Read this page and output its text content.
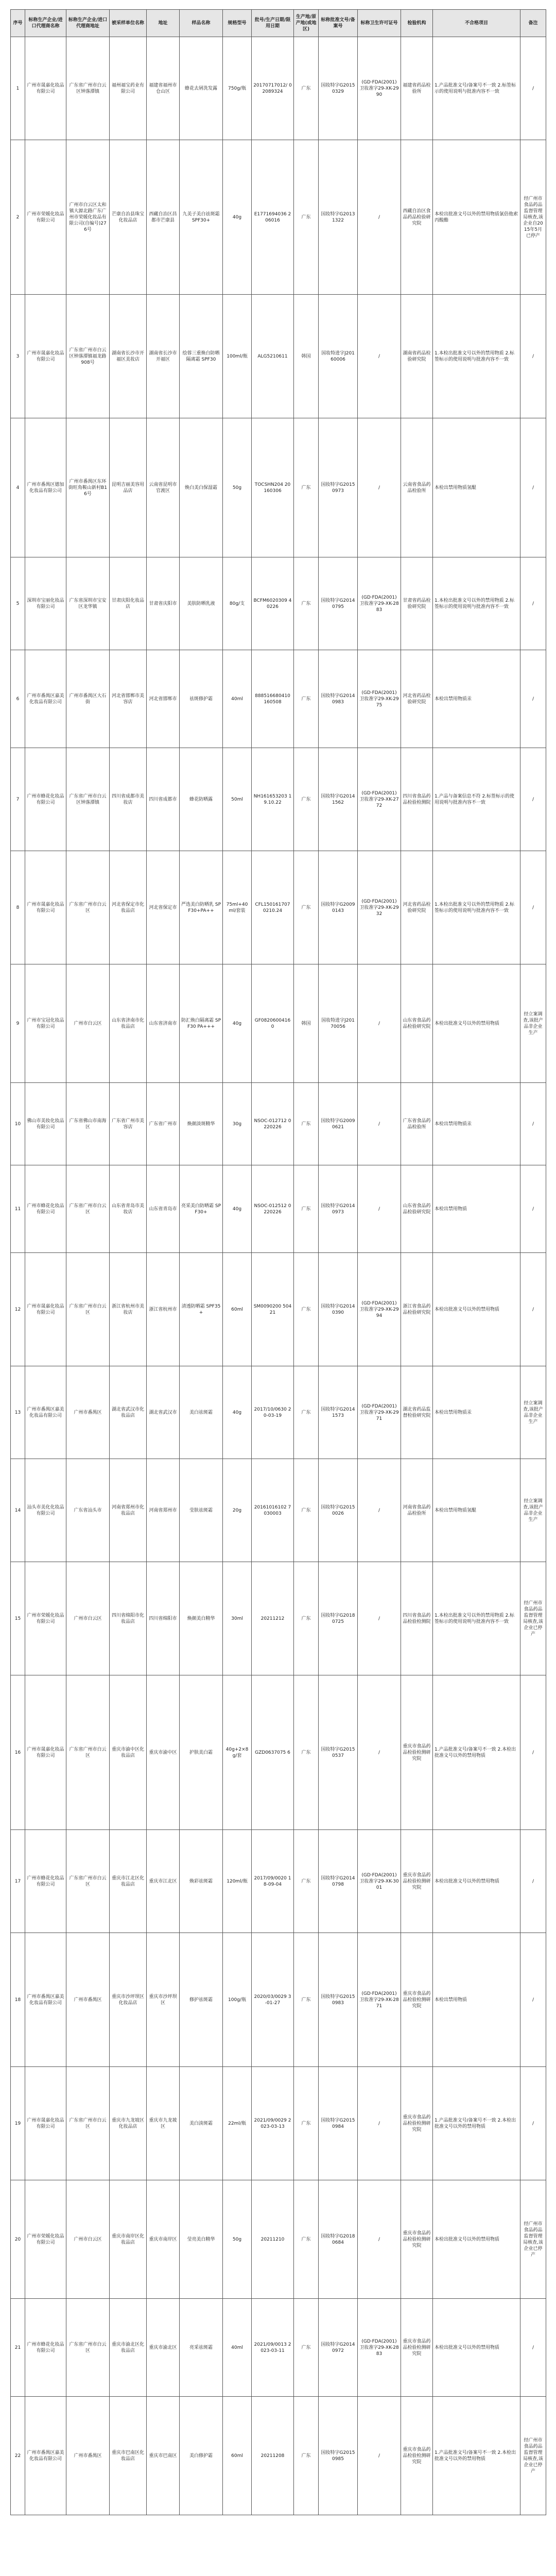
序号	标称生产企业/进口代理商名称	标称生产企业/进口代理商地址	被采样单位名称	地址	样品名称	规格型号	批号/生产日期/限用日期	生产地/原产地(或地区)	标称批准文号/备案号	标称卫生许可证号	检验机构	不合格项目	备注
1	广州市晟嘉化妆品有限公司	广东省广州市白云区钟落潭镇	福州福宝药业有限公司	福建省福州市仓山区	蜂花去屑洗发露	750g/瓶	20170717012/ 02089324	广东	国妆特字G20150329	(GD·FDA(2001)卫妆准字29-XK-2990	福建省药品检验所	1.产品批准文号/备案号不一致 2.标签标示的使用说明与批准内容不一致	/
2	广州市荣媛化妆品有限公司	广州市白云区太和镇大源北路广东广州市荣媛化妆品有限公司(自编号)276号	芒康自治县珠宝化妆品店	西藏自治区昌都市芒康县	九美子美白祛斑霜 SPF30+	40g	E1771694036 206016	广东	国妆特字G20131322	/	西藏自治区食品药品检验研究院	本检出批准文号以外的禁用物质氯倍他索丙酸酯	经广州市食品药品监督管理局核查,该企业自2015年5月已停产
3	广州市晟嘉化妆品有限公司	广东省广州市白云区钟落潭镇福龙路908号	湖南省长沙市开福区美妆店	湖南省长沙市开福区	绘蓉三重焕白防晒隔离霜 SPF30	100ml/瓶	ALG5210611	韩国	国妆特进字J20160006	/	湖南省药品检验研究院	1.本检出批准文号以外的禁用物质 2.标签标示的使用说明与批准内容不一致	/
4	广州市番禺区德加化妆品有限公司	广州市番禺区东环街旺角鞍山新村B16号	昆明吉丽美容用品店	云南省昆明市官渡区	焕白美白保湿霜	50g	TOCSHN204 20160306	广东	国妆特字G20150973	/	云南省食品药品检验所	本检出禁用物质氢醌	/
5	深圳市宝丽化妆品有限公司	广东省深圳市宝安区龙华镇	甘肃庆阳化妆品店	甘肃省庆阳市	美肤防晒乳液	80g/支	BCFM6020309 40226	广东	国妆特字G20140795	(GD·FDA(2001)卫妆准字29-XK-2883	甘肃省药品检验研究院	1.本检出批准文号以外的禁用物质 2.标签标示的使用说明与批准内容不一致	/
6	广州市番禺区嘉美化妆品有限公司	广州市番禺区大石街	河北省邯郸市美容店	河北省邯郸市	祛斑修护霜	40ml	888516680410 160508	广东	国妆特字G20140983	(GD·FDA(2001)卫妆准字29-XK-2975	河北省药品检验研究院	本检出禁用物质汞	/
7	广州市蜂花化妆品有限公司	广东省广州市白云区钟落潭镇	四川省成都市美妆店	四川省成都市	蜂花防晒露	50ml	NH161653203 19.10.22	广东	国妆特字G20141562	(GD·FDA(2001)卫妆准字29-XK-2772	四川省食品药品检验检测院	1.产品与备案信息不符 2.标签标示的使用说明与批准内容不一致	/
8	广州市晟嘉化妆品有限公司	广东省广州市白云区	河北省保定市化妆品店	河北省保定市	严选美白防晒乳 SPF30+PA++	75ml+40ml/套装	CFL150161707 0210.24	广东	国妆特字G20090143	(GD·FDA(2001)卫妆准字29-XK-2932	河北省药品检验研究院	1.本检出批准文号以外的禁用物质 2.标签标示的使用说明与批准内容不一致	/
9	广州市宝冠化妆品有限公司	广州市白云区	山东省济南市化妆品店	山东省济南市	防汇焕白隔离霜 SPF30 PA+++	40g	GF0820600416 0	韩国	国妆特进字J20170056	/	山东省食品药品检验研究院	本检出批准文号以外的禁用物质	经立案调查,该批产品非企业生产
10	佛山市美妆化妆品有限公司	广东省佛山市南海区	广东省广州市美容店	广东省广州市	焕颜淡斑精华	30g	NSOC-012712 0220226	广东	国妆特字G20090621	/	广东省食品药品检验所	本检出禁用物质汞	/
11	广州市蜂花化妆品有限公司	广东省广州市白云区	山东省青岛市美妆店	山东省青岛市	亮采美白防晒霜 SPF30+	40g	NSOC-012512 0220226	广东	国妆特字G20140973	/	山东省食品药品检验研究院	本检出禁用物质	/
12	广州市晟嘉化妆品有限公司	广东省广州市白云区	浙江省杭州市美妆店	浙江省杭州市	清透防晒霜 SPF35+	60ml	SM0090200 50421	广东	国妆特字G20140390	(GD·FDA(2001)卫妆准字29-XK-2994	浙江省食品药品检验研究院	本检出批准文号以外的禁用物质	/
13	广州市番禺区嘉美化妆品有限公司	广州市番禺区	湖北省武汉市化妆品店	湖北省武汉市	美白祛斑霜	40g	2017/10/0630 20-03-19	广东	国妆特字G20141573	(GD·FDA(2001)卫妆准字29-XK-2971	湖北省药品监督检验研究院	本检出禁用物质汞	经立案调查,该批产品非企业生产
14	汕头市美化化妆品有限公司	广东省汕头市	河南省郑州市化妆品店	河南省郑州市	莹肤祛斑霜	20g	20161016102 7030003	广东	国妆特字G20150026	/	河南省食品药品检验所	本检出禁用物质氢醌	经立案调查,该批产品非企业生产
15	广州市荣媛化妆品有限公司	广州市白云区	四川省绵阳市化妆品店	四川省绵阳市	焕颜美白精华	30ml	20211212	广东	国妆特字G20180725	/	四川省食品药品检验检测院	1.本检出批准文号以外的禁用物质 2.标签标示的使用说明与批准内容不一致	经广州市食品药品监督管理局核查,该企业已停产
16	广州市晟嘉化妆品有限公司	广东省广州市白云区	重庆市渝中区化妆品店	重庆市渝中区	护肤美白霜	40g+2×8g/套	GZD0637075 6	广东	国妆特字G20150537	/	重庆市食品药品检验检测研究院	1.产品批准文号/备案号不一致 2.本检出批准文号以外的禁用物质	/
17	广州市蜂花化妆品有限公司	广东省广州市白云区	重庆市江北区化妆品店	重庆市江北区	焕彩祛斑霜	120ml/瓶	2017/09/0020 18-09-04	广东	国妆特字G20140798	(GD·FDA(2001)卫妆准字29-XK-3001	重庆市食品药品检验检测研究院	本检出批准文号以外的禁用物质	/
18	广州市番禺区嘉美化妆品有限公司	广州市番禺区	重庆市沙坪坝区化妆品店	重庆市沙坪坝区	修护祛斑霜	100g/瓶	2020/03/0029 3-01-27	广东	国妆特字G20150983	(GD·FDA(2001)卫妆准字29-XK-2871	重庆市食品药品检验检测研究院	本检出禁用物质	/
19	广州市晟嘉化妆品有限公司	广东省广州市白云区	重庆市九龙坡区化妆品店	重庆市九龙坡区	美白淡斑霜	22ml/瓶	2021/09/0029 2023-03-13	广东	国妆特字G20150984	/	重庆市食品药品检验检测研究院	1.产品批准文号/备案号不一致 2.本检出批准文号以外的禁用物质	/
20	广州市荣媛化妆品有限公司	广州市白云区	重庆市南岸区化妆品店	重庆市南岸区	莹亮美白精华	50g	20211210	广东	国妆特字G20180684	/	重庆市食品药品检验检测研究院	本检出批准文号以外的禁用物质	经广州市食品药品监督管理局核查,该企业已停产
21	广州市蜂花化妆品有限公司	广东省广州市白云区	重庆市渝北区化妆品店	重庆市渝北区	亮采祛斑霜	40ml	2021/09/0013 2023-03-11	广东	国妆特字G20140972	(GD·FDA(2001)卫妆准字29-XK-2883	重庆市食品药品检验检测研究院	本检出批准文号以外的禁用物质	/
22	广州市番禺区嘉美化妆品有限公司	广州市番禺区	重庆市巴南区化妆品店	重庆市巴南区	美白修护霜	60ml	20211208	广东	国妆特字G20150985	/	重庆市食品药品检验检测研究院	1.产品批准文号/备案号不一致 2.本检出批准文号以外的禁用物质	经广州市食品药品监督管理局核查,该企业已停产
